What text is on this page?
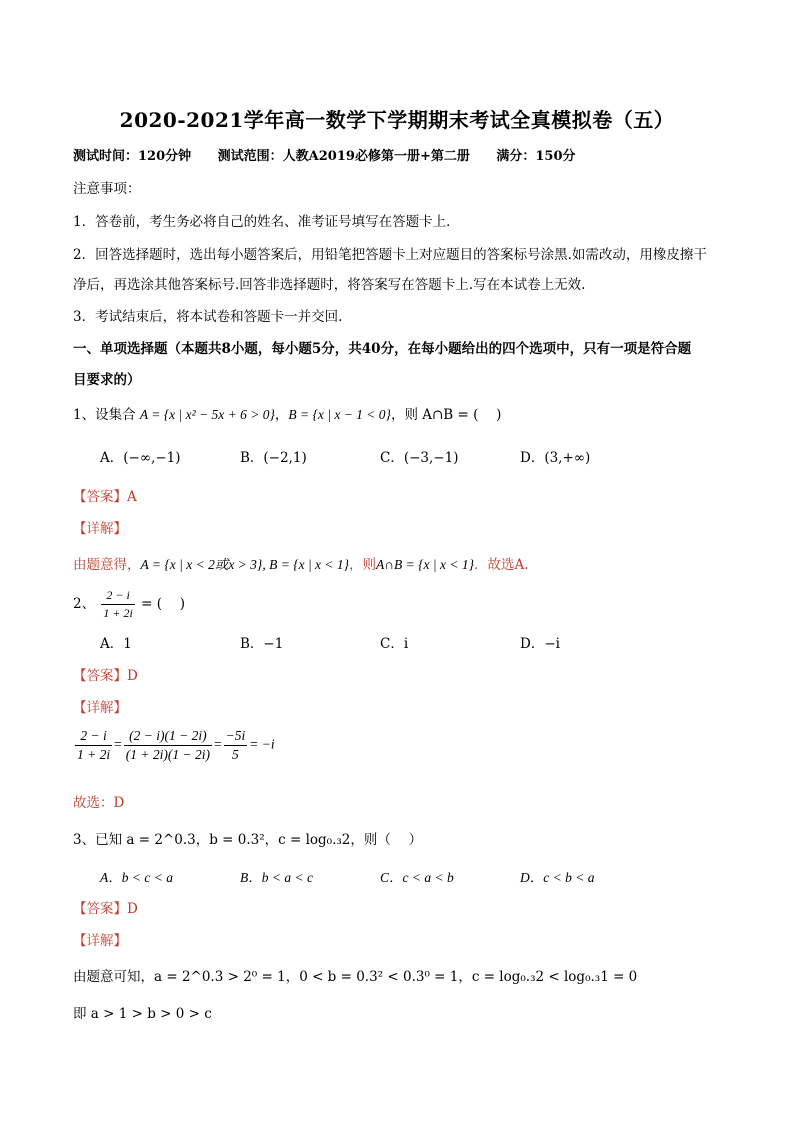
2020-2021学年高一数学下学期期末考试全真模拟卷（五）
测试时间：120分钟 测试范围：人教A2019必修第一册+第二册 满分：150分
注意事项：
1．答卷前，考生务必将自己的姓名、准考证号填写在答题卡上．
2．回答选择题时，选出每小题答案后，用铅笔把答题卡上对应题目的答案标号涂黑.如需改动，用橡皮擦干
净后，再选涂其他答案标号.回答非选择题时，将答案写在答题卡上.写在本试卷上无效.
3．考试结束后，将本试卷和答题卡一并交回.
一、单项选择题（本题共8小题，每小题5分，共40分，在每小题给出的四个选项中，只有一项是符合题
目要求的）
1、设集合 A = {x | x² − 5x + 6 > 0}，B = {x | x − 1 < 0}，则 A∩B = (　 )
A．(−∞,−1)	B．(−2,1)	C．(−3,−1)	D．(3,+∞)
【答案】A
【详解】
由题意得，A = {x | x < 2或x > 3}, B = {x | x < 1}，则A∩B = {x | x < 1}．故选A.
2、 $\frac{2 - i}{1 + 2i}$ = (　 )
A．1	B．−1	C．i	D．−i
【答案】D
【详解】
$\frac{2 - i}{1 + 2i} = \frac{(2 - i)(1 - 2i)}{(1 + 2i)(1 - 2i)} = \frac{-5i}{5} = -i$
故选：D
3、已知 a = 2^0.3，b = 0.3²，c = log₀.₃2，则（　 ）
A．b < c < a	B．b < a < c	C．c < a < b	D．c < b < a
【答案】D
【详解】
由题意可知，a = 2^0.3 > 2⁰ = 1，0 < b = 0.3² < 0.3⁰ = 1，c = log₀.₃2 < log₀.₃1 = 0
即 a > 1 > b > 0 > c
